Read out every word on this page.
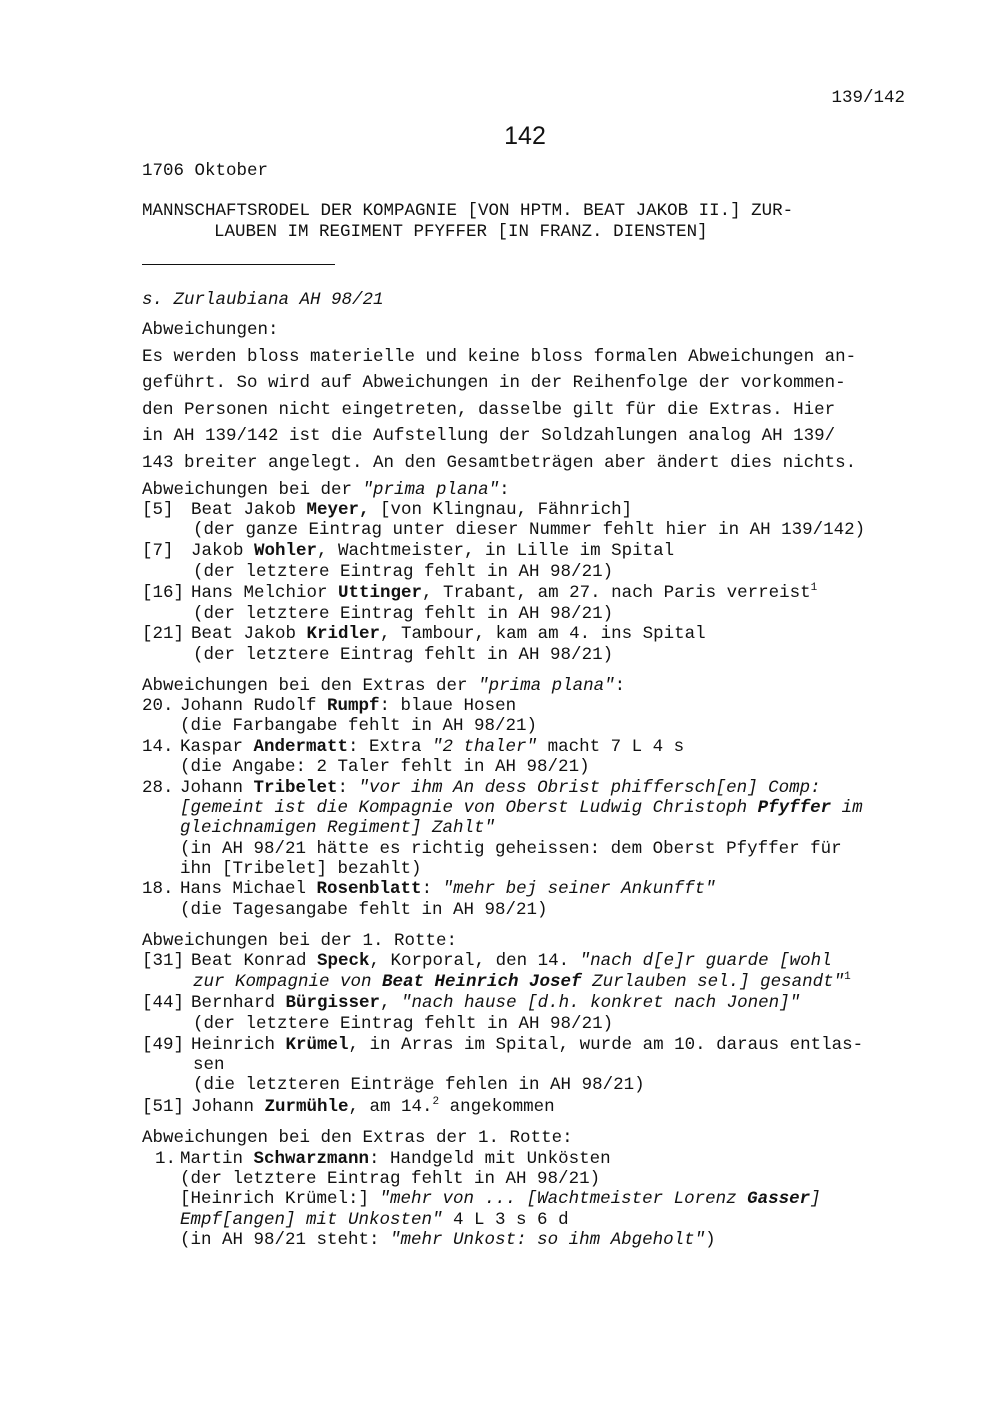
139/142
142
1706 Oktober
MANNSCHAFTSRODEL DER KOMPAGNIE [VON HPTM. BEAT JAKOB II.] ZUR-
LAUBEN IM REGIMENT PFYFFER [IN FRANZ. DIENSTEN]
s. Zurlaubiana AH 98/21
Abweichungen:
Es werden bloss materielle und keine bloss formalen Abweichungen an-
geführt. So wird auf Abweichungen in der Reihenfolge der vorkommen-
den Personen nicht eingetreten, dasselbe gilt für die Extras. Hier
in AH 139/142 ist die Aufstellung der Soldzahlungen analog AH 139/
143 breiter angelegt. An den Gesamtbeträgen aber ändert dies nichts.
Abweichungen bei der "prima plana":
[5] Beat Jakob Meyer, [von Klingnau, Fähnrich]
(der ganze Eintrag unter dieser Nummer fehlt hier in AH 139/142)
[7] Jakob Wohler, Wachtmeister, in Lille im Spital
(der letztere Eintrag fehlt in AH 98/21)
[16] Hans Melchior Uttinger, Trabant, am 27. nach Paris verreist$^1$
(der letztere Eintrag fehlt in AH 98/21)
[21] Beat Jakob Kridler, Tambour, kam am 4. ins Spital
(der letztere Eintrag fehlt in AH 98/21)
Abweichungen bei den Extras der "prima plana":
20. Johann Rudolf Rumpf: blaue Hosen
(die Farbangabe fehlt in AH 98/21)
14. Kaspar Andermatt: Extra "2 thaler" macht 7 L 4 s
(die Angabe: 2 Taler fehlt in AH 98/21)
28. Johann Tribelet: "vor ihm An dess Obrist phiffersch[en] Comp:
[gemeint ist die Kompagnie von Oberst Ludwig Christoph Pfyffer im
gleichnamigen Regiment] Zahlt"
(in AH 98/21 hätte es richtig geheissen: dem Oberst Pfyffer für
ihn [Tribelet] bezahlt)
18. Hans Michael Rosenblatt: "mehr bej seiner Ankunfft"
(die Tagesangabe fehlt in AH 98/21)
Abweichungen bei der 1. Rotte:
[31] Beat Konrad Speck, Korporal, den 14. "nach d[e]r guarde [wohl
zur Kompagnie von Beat Heinrich Josef Zurlauben sel.] gesandt"$^1$
[44] Bernhard Bürgisser, "nach hause [d.h. konkret nach Jonen]"
(der letztere Eintrag fehlt in AH 98/21)
[49] Heinrich Krümel, in Arras im Spital, wurde am 10. daraus entlas-
sen
(die letzteren Einträge fehlen in AH 98/21)
[51] Johann Zurmühle, am 14.$^2$ angekommen
Abweichungen bei den Extras der 1. Rotte:
1. Martin Schwarzmann: Handgeld mit Unkösten
(der letztere Eintrag fehlt in AH 98/21)
[Heinrich Krümel:] "mehr von ... [Wachtmeister Lorenz Gasser]
Empf[angen] mit Unkosten" 4 L 3 s 6 d
(in AH 98/21 steht: "mehr Unkost: so ihm Abgeholt")
